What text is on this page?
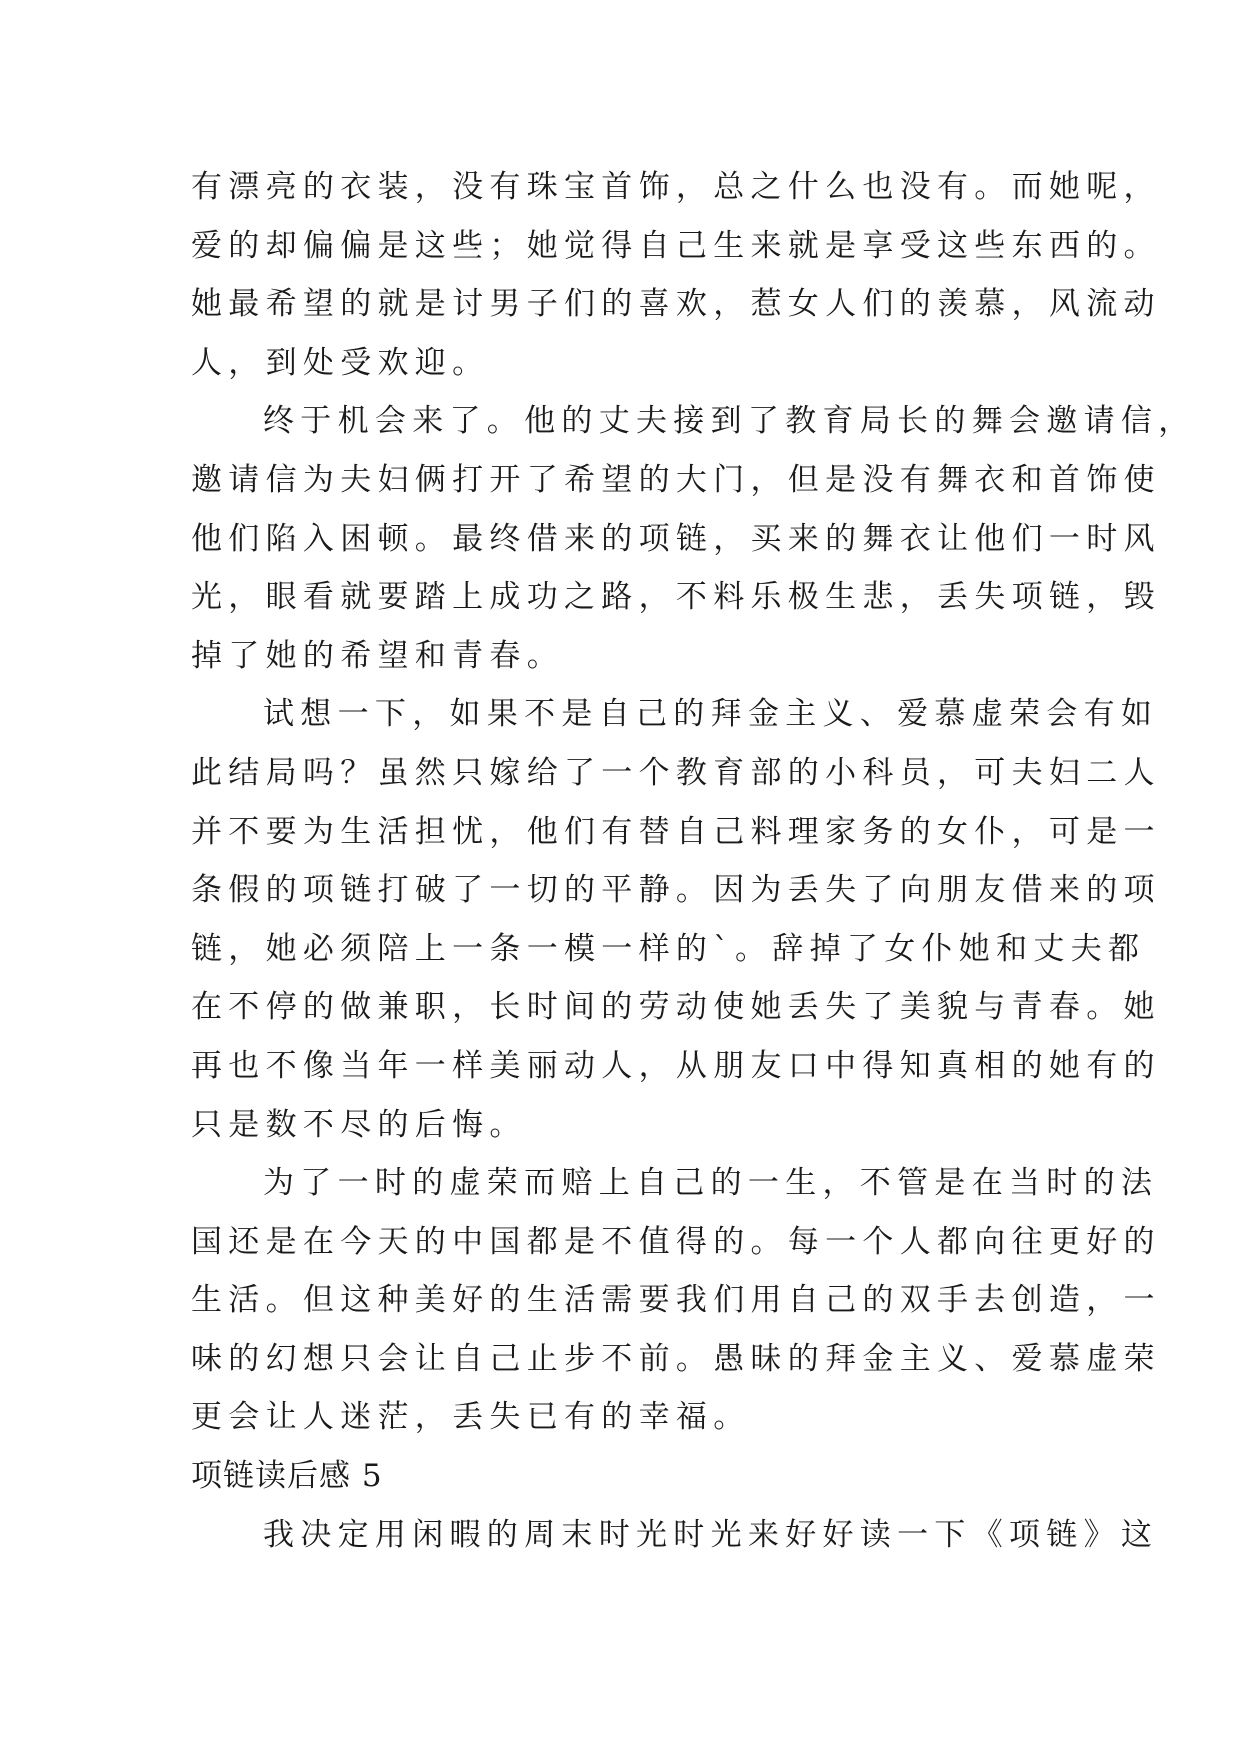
有漂亮的衣装，没有珠宝首饰，总之什么也没有。而她呢，
爱的却偏偏是这些；她觉得自己生来就是享受这些东西的。
她最希望的就是讨男子们的喜欢，惹女人们的羡慕，风流动
人，到处受欢迎。
终于机会来了。他的丈夫接到了教育局长的舞会邀请信，
邀请信为夫妇俩打开了希望的大门，但是没有舞衣和首饰使
他们陷入困顿。最终借来的项链，买来的舞衣让他们一时风
光，眼看就要踏上成功之路，不料乐极生悲，丢失项链，毁
掉了她的希望和青春。
试想一下，如果不是自己的拜金主义、爱慕虚荣会有如
此结局吗？虽然只嫁给了一个教育部的小科员，可夫妇二人
并不要为生活担忧，他们有替自己料理家务的女仆，可是一
条假的项链打破了一切的平静。因为丢失了向朋友借来的项
链，她必须陪上一条一模一样的`。辞掉了女仆她和丈夫都
在不停的做兼职，长时间的劳动使她丢失了美貌与青春。她
再也不像当年一样美丽动人，从朋友口中得知真相的她有的
只是数不尽的后悔。
为了一时的虚荣而赔上自己的一生，不管是在当时的法
国还是在今天的中国都是不值得的。每一个人都向往更好的
生活。但这种美好的生活需要我们用自己的双手去创造，一
味的幻想只会让自己止步不前。愚昧的拜金主义、爱慕虚荣
更会让人迷茫，丢失已有的幸福。
项链读后感 5
我决定用闲暇的周末时光时光来好好读一下《项链》这
